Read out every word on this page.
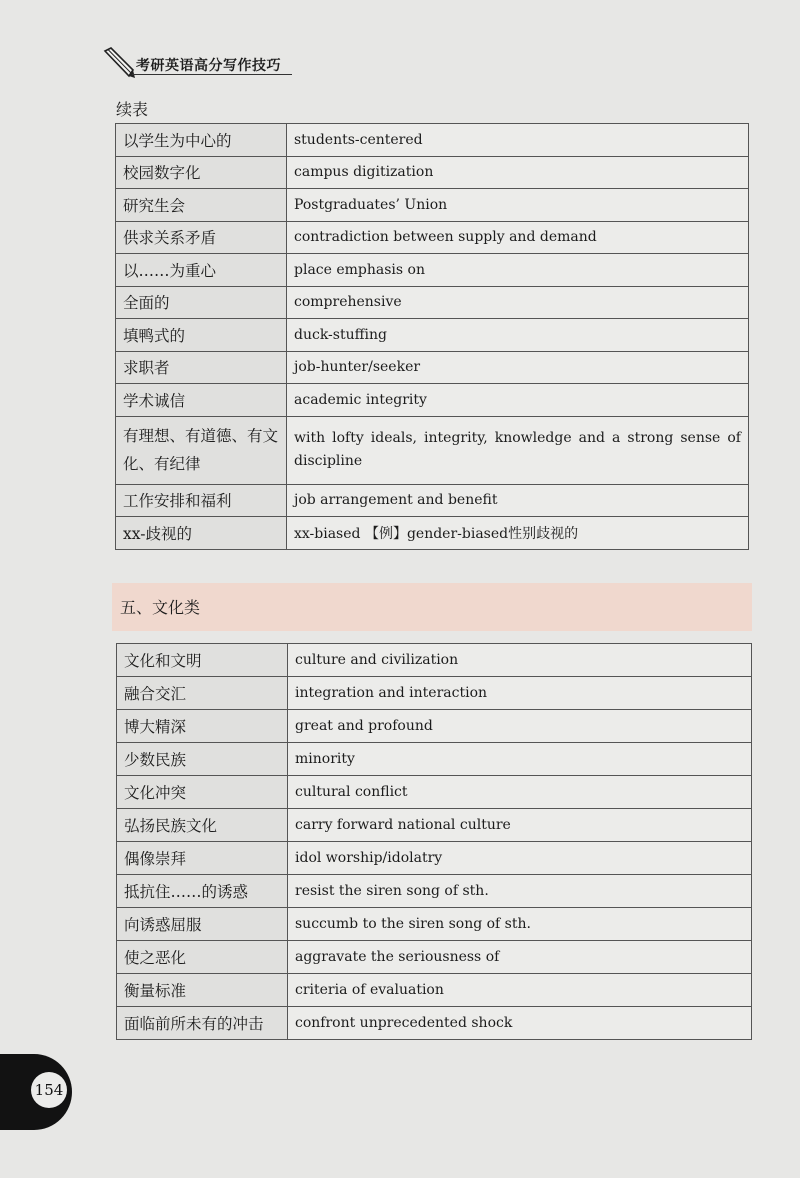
考研英语高分写作技巧
续表
以学生为中心的	students-centered
校园数字化	campus digitization
研究生会	Postgraduates’ Union
供求关系矛盾	contradiction between supply and demand
以……为重心	place emphasis on
全面的	comprehensive
填鸭式的	duck-stuffing
求职者	job-hunter/seeker
学术诚信	academic integrity
有理想、有道德、有文化、有纪律	with lofty ideals, integrity, knowledge and a strong sense of discipline
工作安排和福利	job arrangement and benefit
xx-歧视的	xx-biased 【例】gender-biased性别歧视的
五、文化类
文化和文明	culture and civilization
融合交汇	integration and interaction
博大精深	great and profound
少数民族	minority
文化冲突	cultural conflict
弘扬民族文化	carry forward national culture
偶像崇拜	idol worship/idolatry
抵抗住……的诱惑	resist the siren song of sth.
向诱惑屈服	succumb to the siren song of sth.
使之恶化	aggravate the seriousness of
衡量标准	criteria of evaluation
面临前所未有的冲击	confront unprecedented shock
154
